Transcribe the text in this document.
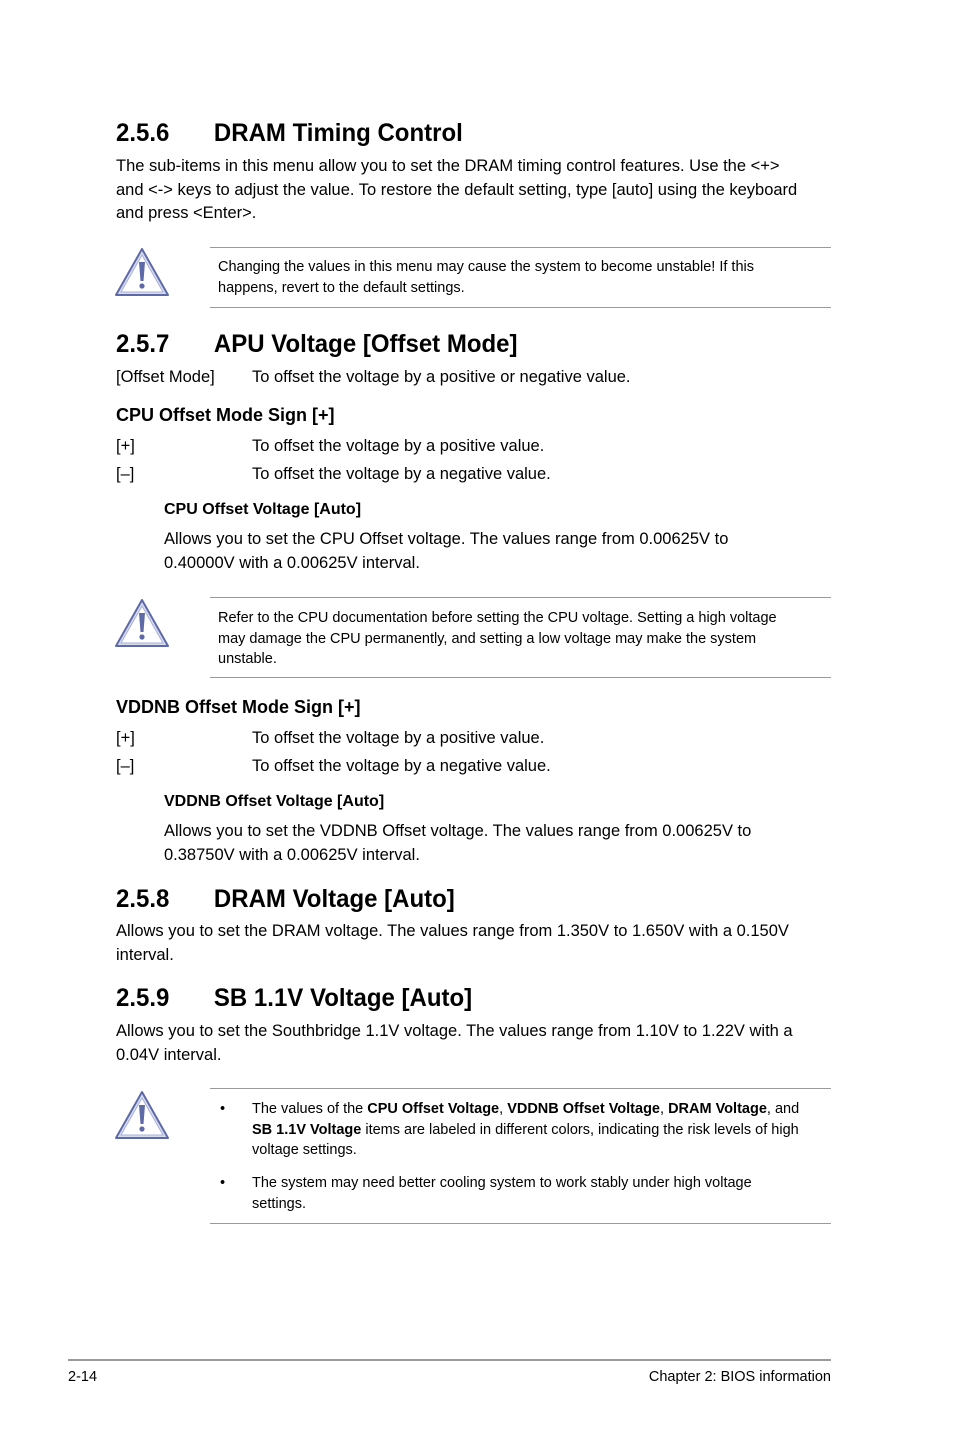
2.5.6 DRAM Timing Control
The sub-items in this menu allow you to set the DRAM timing control features. Use the <+>
and <-> keys to adjust the value. To restore the default setting, type [auto] using the keyboard
and press <Enter>.
Changing the values in this menu may cause the system to become unstable! If this
happens, revert to the default settings.
2.5.7 APU Voltage [Offset Mode]
[Offset Mode] To offset the voltage by a positive or negative value.
CPU Offset Mode Sign [+]
[+]	To offset the voltage by a positive value.
[–]	To offset the voltage by a negative value.
CPU Offset Voltage [Auto]
Allows you to set the CPU Offset voltage. The values range from 0.00625V to
0.40000V with a 0.00625V interval.
Refer to the CPU documentation before setting the CPU voltage. Setting a high voltage
may damage the CPU permanently, and setting a low voltage may make the system
unstable.
VDDNB Offset Mode Sign [+]
[+]	To offset the voltage by a positive value.
[–]	To offset the voltage by a negative value.
VDDNB Offset Voltage [Auto]
Allows you to set the VDDNB Offset voltage. The values range from 0.00625V to
0.38750V with a 0.00625V interval.
2.5.8 DRAM Voltage [Auto]
Allows you to set the DRAM voltage. The values range from 1.350V to 1.650V with a 0.150V
interval.
2.5.9 SB 1.1V Voltage [Auto]
Allows you to set the Southbridge 1.1V voltage. The values range from 1.10V to 1.22V with a
0.04V interval.
• The values of the CPU Offset Voltage, VDDNB Offset Voltage, DRAM Voltage, and
SB 1.1V Voltage items are labeled in different colors, indicating the risk levels of high
voltage settings.
• The system may need better cooling system to work stably under high voltage
settings.
2-14	Chapter 2: BIOS information
